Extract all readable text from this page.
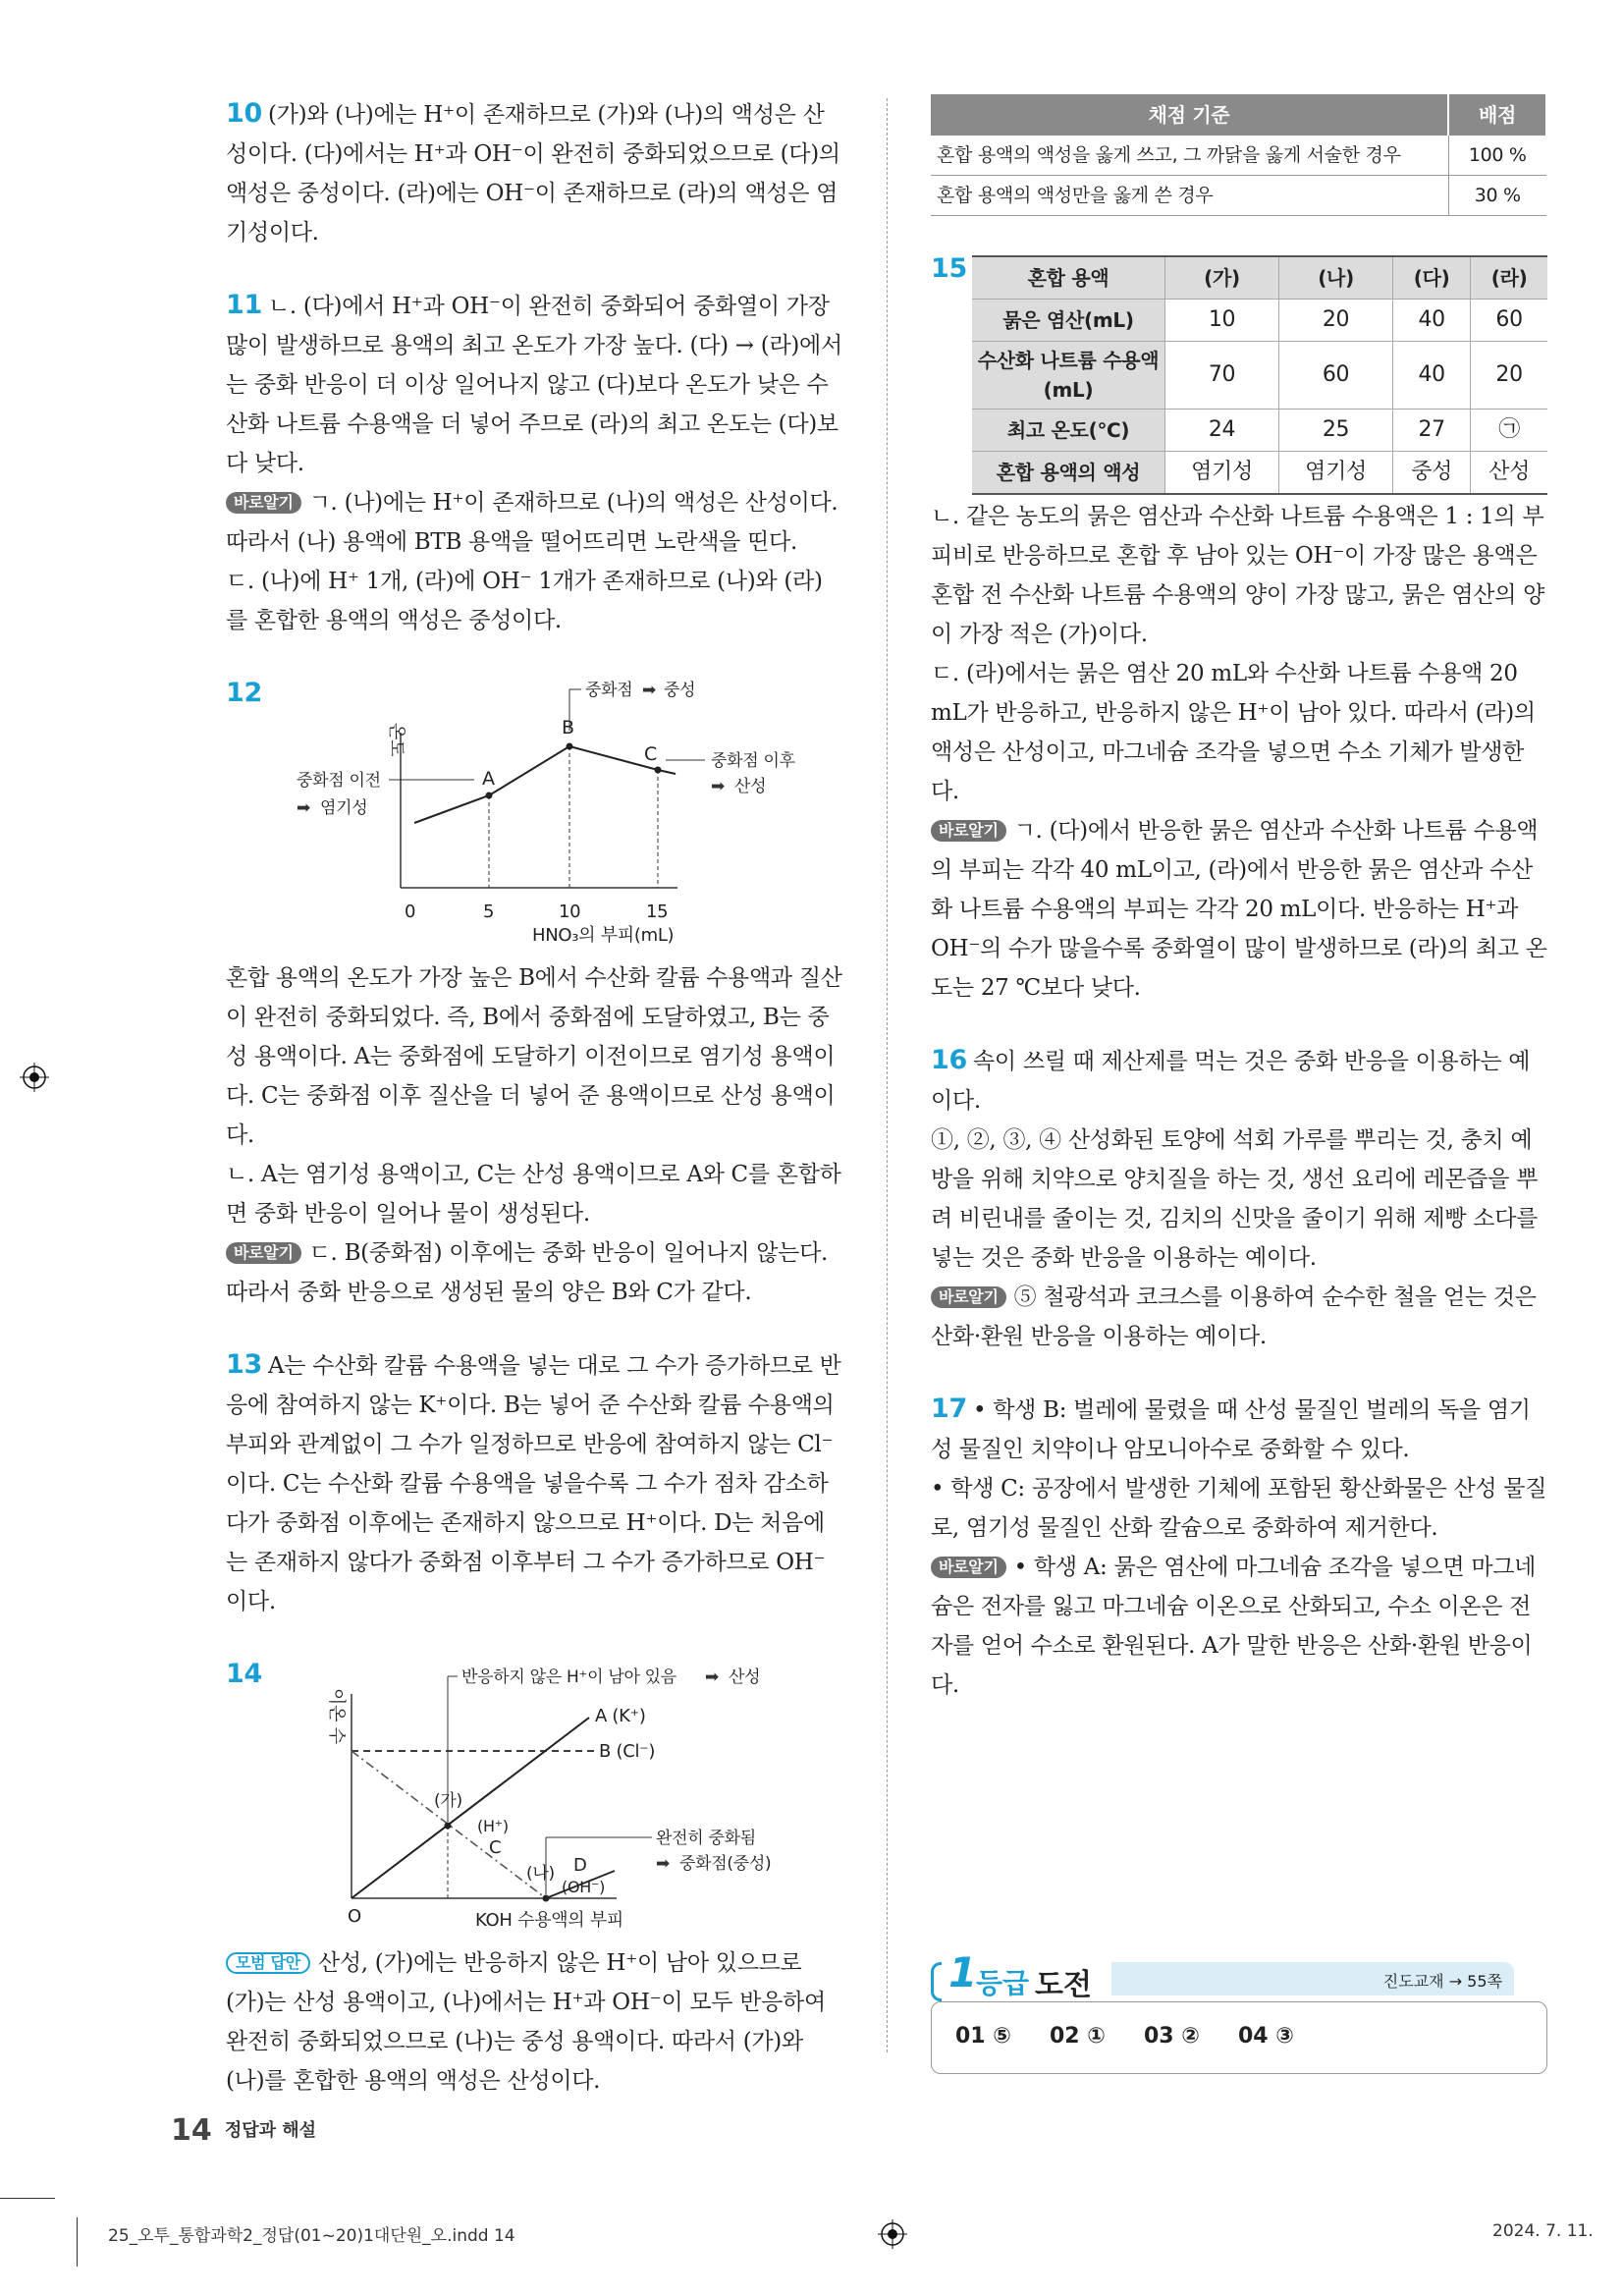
10 (가)와 (나)에는 H⁺이 존재하므로 (가)와 (나)의 액성은 산성이다. (다)에서는 H⁺과 OH⁻이 완전히 중화되었으므로 (다)의 액성은 중성이다. (라)에는 OH⁻이 존재하므로 (라)의 액성은 염기성이다.

11 ㄴ. (다)에서 H⁺과 OH⁻이 완전히 중화되어 중화열이 가장 많이 발생하므로 용액의 최고 온도가 가장 높다. (다) → (라)에서는 중화 반응이 더 이상 일어나지 않고 (다)보다 온도가 낮은 수산화 나트륨 수용액을 더 넣어 주므로 (라)의 최고 온도는 (다)보다 낮다.

바로알기 ㄱ. (나)에는 H⁺이 존재하므로 (나)의 액성은 산성이다. 따라서 (나) 용액에 BTB 용액을 떨어뜨리면 노란색을 띤다.

ㄷ. (나)에 H⁺ 1개, (라)에 OH⁻ 1개가 존재하므로 (나)와 (라)를 혼합한 용액의 액성은 중성이다.

12
온도
A
B
C
중화점 ➡ 중성
중화점 이전
➡ 염기성
중화점 이후
➡ 산성
0	5	10	15
HNO₃의 부피(mL)

혼합 용액의 온도가 가장 높은 B에서 수산화 칼륨 수용액과 질산이 완전히 중화되었다. 즉, B에서 중화점에 도달하였고, B는 중성 용액이다. A는 중화점에 도달하기 이전이므로 염기성 용액이다. C는 중화점 이후 질산을 더 넣어 준 용액이므로 산성 용액이다.

ㄴ. A는 염기성 용액이고, C는 산성 용액이므로 A와 C를 혼합하면 중화 반응이 일어나 물이 생성된다.

바로알기 ㄷ. B(중화점) 이후에는 중화 반응이 일어나지 않는다. 따라서 중화 반응으로 생성된 물의 양은 B와 C가 같다.

13 A는 수산화 칼륨 수용액을 넣는 대로 그 수가 증가하므로 반응에 참여하지 않는 K⁺이다. B는 넣어 준 수산화 칼륨 수용액의 부피와 관계없이 그 수가 일정하므로 반응에 참여하지 않는 Cl⁻이다. C는 수산화 칼륨 수용액을 넣을수록 그 수가 점차 감소하다가 중화점 이후에는 존재하지 않으므로 H⁺이다. D는 처음에는 존재하지 않다가 중화점 이후부터 그 수가 증가하므로 OH⁻이다.

14
이온 수
O	KOH 수용액의 부피
B (Cl⁻)
A (K⁺)
(가)
(H⁺)
C
(나) D
(OH⁻)
반응하지 않은 H⁺이 남아 있음 ➡ 산성
완전히 중화됨
➡ 중화점(중성)

모범 답안 산성, (가)에는 반응하지 않은 H⁺이 남아 있으므로 (가)는 산성 용액이고, (나)에서는 H⁺과 OH⁻이 모두 반응하여 완전히 중화되었으므로 (나)는 중성 용액이다. 따라서 (가)와 (나)를 혼합한 용액의 액성은 산성이다.

채점 기준	배점
혼합 용액의 액성을 옳게 쓰고, 그 까닭을 옳게 서술한 경우	100 %
혼합 용액의 액성만을 옳게 쓴 경우	30 %
15	혼합 용액	(가)	(나)	(다)	(라)
묽은 염산(mL)	10	20	40	60
수산화 나트륨 수용액(mL)	70	60	40	20
최고 온도(℃)	24	25	27	㉠
혼합 용액의 액성	염기성	염기성	중성	산성

ㄴ. 같은 농도의 묽은 염산과 수산화 나트륨 수용액은 1 : 1의 부피비로 반응하므로 혼합 후 남아 있는 OH⁻이 가장 많은 용액은 혼합 전 수산화 나트륨 수용액의 양이 가장 많고, 묽은 염산의 양이 가장 적은 (가)이다.

ㄷ. (라)에서는 묽은 염산 20 mL와 수산화 나트륨 수용액 20 mL가 반응하고, 반응하지 않은 H⁺이 남아 있다. 따라서 (라)의 액성은 산성이고, 마그네슘 조각을 넣으면 수소 기체가 발생한다.

바로알기 ㄱ. (다)에서 반응한 묽은 염산과 수산화 나트륨 수용액의 부피는 각각 40 mL이고, (라)에서 반응한 묽은 염산과 수산화 나트륨 수용액의 부피는 각각 20 mL이다. 반응하는 H⁺과 OH⁻의 수가 많을수록 중화열이 많이 발생하므로 (라)의 최고 온도는 27 ℃보다 낮다.

16 속이 쓰릴 때 제산제를 먹는 것은 중화 반응을 이용하는 예이다.

①, ②, ③, ④ 산성화된 토양에 석회 가루를 뿌리는 것, 충치 예방을 위해 치약으로 양치질을 하는 것, 생선 요리에 레몬즙을 뿌려 비린내를 줄이는 것, 김치의 신맛을 줄이기 위해 제빵 소다를 넣는 것은 중화 반응을 이용하는 예이다.

바로알기 ⑤ 철광석과 코크스를 이용하여 순수한 철을 얻는 것은 산화·환원 반응을 이용하는 예이다.

17 • 학생 B: 벌레에 물렸을 때 산성 물질인 벌레의 독을 염기성 물질인 치약이나 암모니아수로 중화할 수 있다.

• 학생 C: 공장에서 발생한 기체에 포함된 황산화물은 산성 물질로, 염기성 물질인 산화 칼슘으로 중화하여 제거한다.

바로알기 • 학생 A: 묽은 염산에 마그네슘 조각을 넣으면 마그네슘은 전자를 잃고 마그네슘 이온으로 산화되고, 수소 이온은 전자를 얻어 수소로 환원된다. A가 말한 반응은 산화·환원 반응이다.

1
등급 도전	진도교재 → 55쪽
01 ⑤ 02 ① 03 ② 04 ③
14 정답과 해설
25_오투_통합과학2_정답(01~20)1대단원_오.indd 14	2024. 7. 11.
